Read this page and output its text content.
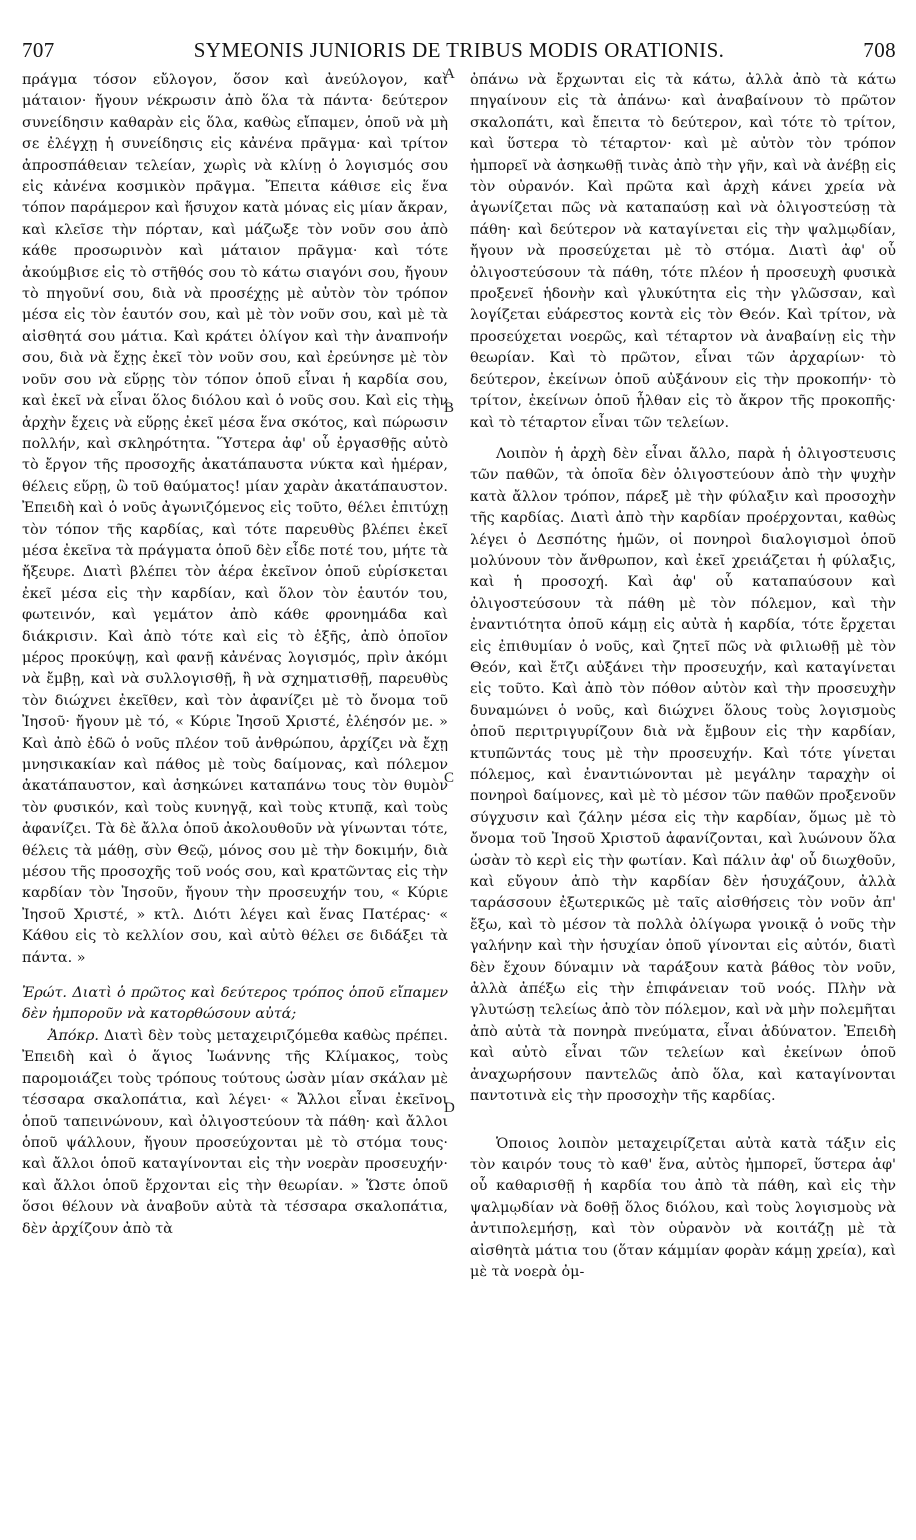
707	SYMEONIS JUNIORIS DE TRIBUS MODIS ORATIONIS.	708
A
B
C
D

πράγμα τόσον εὔλογον, ὅσον καὶ ἀνεύλογον, καὶ μάταιον· ἤγουν νέκρωσιν ἀπὸ ὅλα τὰ πάντα· δεύτερον συνείδησιν καθαρὰν εἰς ὅλα, καθὼς εἴπαμεν, ὁποῦ νὰ μὴ σε ἐλέγχῃ ἡ συνείδησις εἰς κἀνένα πρᾶγμα· καὶ τρίτον ἀπροσπάθειαν τελείαν, χωρὶς νὰ κλίνῃ ὁ λογισμός σου εἰς κἀνένα κοσμικὸν πρᾶγμα. Ἔπειτα κάθισε εἰς ἕνα τόπον παράμερον καὶ ἥσυχον κατὰ μόνας εἰς μίαν ἄκραν, καὶ κλεῖσε τὴν πόρταν, καὶ μάζωξε τὸν νοῦν σου ἀπὸ κάθε προσωρινὸν καὶ μάταιον πρᾶγμα· καὶ τότε ἀκούμβισε εἰς τὸ στῆθός σου τὸ κάτω σιαγόνι σου, ἤγουν τὸ πηγοῦνί σου, διὰ νὰ προσέχῃς μὲ αὐτὸν τὸν τρόπον μέσα εἰς τὸν ἑαυτόν σου, καὶ μὲ τὸν νοῦν σου, καὶ μὲ τὰ αἰσθητά σου μάτια. Καὶ κράτει ὀλίγον καὶ τὴν ἀναπνοήν σου, διὰ νὰ ἔχῃς ἐκεῖ τὸν νοῦν σου, καὶ ἐρεύνησε μὲ τὸν νοῦν σου νὰ εὕρῃς τὸν τόπον ὁποῦ εἶναι ἡ καρδία σου, καὶ ἐκεῖ νὰ εἶναι ὅλος διόλου καὶ ὁ νοῦς σου. Καὶ εἰς τὴν ἀρχὴν ἔχεις νὰ εὕρῃς ἐκεῖ μέσα ἕνα σκότος, καὶ πώρωσιν πολλήν, καὶ σκληρότητα. Ὕστερα ἀφ' οὗ ἐργασθῇς αὐτὸ τὸ ἔργον τῆς προσοχῆς ἀκατάπαυστα νύκτα καὶ ἡμέραν, θέλεις εὕρῃ, ὢ τοῦ θαύματος! μίαν χαρὰν ἀκατάπαυστον. Ἐπειδὴ καὶ ὁ νοῦς ἀγωνιζόμενος εἰς τοῦτο, θέλει ἐπιτύχῃ τὸν τόπον τῆς καρδίας, καὶ τότε παρευθὺς βλέπει ἐκεῖ μέσα ἐκεῖνα τὰ πράγματα ὁποῦ δὲν εἶδε ποτέ του, μήτε τὰ ἤξευρε. Διατὶ βλέπει τὸν ἀέρα ἐκεῖνον ὁποῦ εὑρίσκεται ἐκεῖ μέσα εἰς τὴν καρδίαν, καὶ ὅλον τὸν ἑαυτόν του, φωτεινόν, καὶ γεμάτον ἀπὸ κάθε φρονημάδα καὶ διάκρισιν. Καὶ ἀπὸ τότε καὶ εἰς τὸ ἑξῆς, ἀπὸ ὁποῖον μέρος προκύψῃ, καὶ φανῇ κἀνένας λογισμός, πρὶν ἀκόμι νὰ ἔμβῃ, καὶ νὰ συλλογισθῇ, ἢ νὰ σχηματισθῇ, παρευθὺς τὸν διώχνει ἐκεῖθεν, καὶ τὸν ἀφανίζει μὲ τὸ ὄνομα τοῦ Ἰησοῦ· ἤγουν μὲ τό, « Κύριε Ἰησοῦ Χριστέ, ἐλέησόν με. » Καὶ ἀπὸ ἐδῶ ὁ νοῦς πλέον τοῦ ἀνθρώπου, ἀρχίζει νὰ ἔχῃ μνησικακίαν καὶ πάθος μὲ τοὺς δαίμονας, καὶ πόλεμον ἀκατάπαυστον, καὶ ἀσηκώνει καταπάνω τους τὸν θυμὸν τὸν φυσικόν, καὶ τοὺς κυνηγᾷ, καὶ τοὺς κτυπᾷ, καὶ τοὺς ἀφανίζει. Τὰ δὲ ἄλλα ὁποῦ ἀκολουθοῦν νὰ γίνωνται τότε, θέλεις τὰ μάθῃ, σὺν Θεῷ, μόνος σου μὲ τὴν δοκιμήν, διὰ μέσου τῆς προσοχῆς τοῦ νοός σου, καὶ κρατῶντας εἰς τὴν καρδίαν τὸν Ἰησοῦν, ἤγουν τὴν προσευχήν του, « Κύριε Ἰησοῦ Χριστέ, » κτλ. Διότι λέγει καὶ ἕνας Πατέρας· « Κάθου εἰς τὸ κελλίον σου, καὶ αὐτὸ θέλει σε διδάξει τὰ πάντα. »

Ἐρώτ. Διατὶ ὁ πρῶτος καὶ δεύτερος τρόπος ὁποῦ εἴπαμεν δὲν ἠμποροῦν νὰ κατορθώσουν αὐτά;

Ἀπόκρ. Διατὶ δὲν τοὺς μεταχειριζόμεθα καθὼς πρέπει. Ἐπειδὴ καὶ ὁ ἅγιος Ἰωάννης τῆς Κλίμακος, τοὺς παρομοιάζει τοὺς τρόπους τούτους ὡσὰν μίαν σκάλαν μὲ τέσσαρα σκαλοπάτια, καὶ λέγει· « Ἄλλοι εἶναι ἐκεῖνοι ὁποῦ ταπεινώνουν, καὶ ὀλιγοστεύουν τὰ πάθη· καὶ ἄλλοι ὁποῦ ψάλλουν, ἤγουν προσεύχονται μὲ τὸ στόμα τους· καὶ ἄλλοι ὁποῦ καταγίνονται εἰς τὴν νοερὰν προσευχήν· καὶ ἄλλοι ὁποῦ ἔρχονται εἰς τὴν θεωρίαν. » Ὥστε ὁποῦ ὅσοι θέλουν νὰ ἀναβοῦν αὐτὰ τὰ τέσσαρα σκαλοπάτια, δὲν ἀρχίζουν ἀπὸ τὰ

ὀπάνω νὰ ἔρχωνται εἰς τὰ κάτω, ἀλλὰ ἀπὸ τὰ κάτω πηγαίνουν εἰς τὰ ἀπάνω· καὶ ἀναβαίνουν τὸ πρῶτον σκαλοπάτι, καὶ ἔπειτα τὸ δεύτερον, καὶ τότε τὸ τρίτον, καὶ ὕστερα τὸ τέταρτον· καὶ μὲ αὐτὸν τὸν τρόπον ἠμπορεῖ νὰ ἀσηκωθῇ τινὰς ἀπὸ τὴν γῆν, καὶ νὰ ἀνέβῃ εἰς τὸν οὐρανόν. Καὶ πρῶτα καὶ ἀρχὴ κάνει χρεία νὰ ἀγωνίζεται πῶς νὰ καταπαύσῃ καὶ νὰ ὀλιγοστεύσῃ τὰ πάθη· καὶ δεύτερον νὰ καταγίνεται εἰς τὴν ψαλμῳδίαν, ἤγουν νὰ προσεύχεται μὲ τὸ στόμα. Διατὶ ἀφ' οὗ ὀλιγοστεύσουν τὰ πάθη, τότε πλέον ἡ προσευχὴ φυσικὰ προξενεῖ ἡδονὴν καὶ γλυκύτητα εἰς τὴν γλῶσσαν, καὶ λογίζεται εὐάρεστος κοντὰ εἰς τὸν Θεόν. Καὶ τρίτον, νὰ προσεύχεται νοερῶς, καὶ τέταρτον νὰ ἀναβαίνῃ εἰς τὴν θεωρίαν. Καὶ τὸ πρῶτον, εἶναι τῶν ἀρχαρίων· τὸ δεύτερον, ἐκείνων ὁποῦ αὐξάνουν εἰς τὴν προκοπήν· τὸ τρίτον, ἐκείνων ὁποῦ ἦλθαν εἰς τὸ ἄκρον τῆς προκοπῆς· καὶ τὸ τέταρτον εἶναι τῶν τελείων.

Λοιπὸν ἡ ἀρχὴ δὲν εἶναι ἄλλο, παρὰ ἡ ὀλιγοστευσις τῶν παθῶν, τὰ ὁποῖα δὲν ὀλιγοστεύουν ἀπὸ τὴν ψυχὴν κατὰ ἄλλον τρόπον, πάρεξ μὲ τὴν φύλαξιν καὶ προσοχὴν τῆς καρδίας. Διατὶ ἀπὸ τὴν καρδίαν προέρχονται, καθὼς λέγει ὁ Δεσπότης ἡμῶν, οἱ πονηροὶ διαλογισμοὶ ὁποῦ μολύνουν τὸν ἄνθρωπον, καὶ ἐκεῖ χρειάζεται ἡ φύλαξις, καὶ ἡ προσοχή. Καὶ ἀφ' οὗ καταπαύσουν καὶ ὀλιγοστεύσουν τὰ πάθη μὲ τὸν πόλεμον, καὶ τὴν ἐναντιότητα ὁποῦ κάμῃ εἰς αὐτὰ ἡ καρδία, τότε ἔρχεται εἰς ἐπιθυμίαν ὁ νοῦς, καὶ ζητεῖ πῶς νὰ φιλιωθῇ μὲ τὸν Θεόν, καὶ ἔτζι αὐξάνει τὴν προσευχήν, καὶ καταγίνεται εἰς τοῦτο. Καὶ ἀπὸ τὸν πόθον αὐτὸν καὶ τὴν προσευχὴν δυναμώνει ὁ νοῦς, καὶ διώχνει ὅλους τοὺς λογισμοὺς ὁποῦ περιτριγυρίζουν διὰ νὰ ἔμβουν εἰς τὴν καρδίαν, κτυπῶντάς τους μὲ τὴν προσευχήν. Καὶ τότε γίνεται πόλεμος, καὶ ἐναντιώνονται μὲ μεγάλην ταραχὴν οἱ πονηροὶ δαίμονες, καὶ μὲ τὸ μέσον τῶν παθῶν προξενοῦν σύγχυσιν καὶ ζάλην μέσα εἰς τὴν καρδίαν, ὅμως μὲ τὸ ὄνομα τοῦ Ἰησοῦ Χριστοῦ ἀφανίζονται, καὶ λυώνουν ὅλα ὡσὰν τὸ κερὶ εἰς τὴν φωτίαν. Καὶ πάλιν ἀφ' οὗ διωχθοῦν, καὶ εὔγουν ἀπὸ τὴν καρδίαν δὲν ἡσυχάζουν, ἀλλὰ ταράσσουν ἐξωτερικῶς μὲ ταῖς αἰσθήσεις τὸν νοῦν ἀπ' ἔξω, καὶ τὸ μέσον τὰ πολλὰ ὀλίγωρα γνοικᾷ ὁ νοῦς τὴν γαλήνην καὶ τὴν ἡσυχίαν ὁποῦ γίνονται εἰς αὐτόν, διατὶ δὲν ἔχουν δύναμιν νὰ ταράξουν κατὰ βάθος τὸν νοῦν, ἀλλὰ ἀπέξω εἰς τὴν ἐπιφάνειαν τοῦ νοός. Πλὴν νὰ γλυτώσῃ τελείως ἀπὸ τὸν πόλεμον, καὶ νὰ μὴν πολεμῆται ἀπὸ αὐτὰ τὰ πονηρὰ πνεύματα, εἶναι ἀδύνατον. Ἐπειδὴ καὶ αὐτὸ εἶναι τῶν τελείων καὶ ἐκείνων ὁποῦ ἀναχωρήσουν παντελῶς ἀπὸ ὅλα, καὶ καταγίνονται παντοτινὰ εἰς τὴν προσοχὴν τῆς καρδίας.

Ὁποιος λοιπὸν μεταχειρίζεται αὐτὰ κατὰ τάξιν εἰς τὸν καιρόν τους τὸ καθ' ἕνα, αὐτὸς ἠμπορεῖ, ὕστερα ἀφ' οὗ καθαρισθῇ ἡ καρδία του ἀπὸ τὰ πάθη, καὶ εἰς τὴν ψαλμῳδίαν νὰ δοθῇ ὅλος διόλου, καὶ τοὺς λογισμοὺς νὰ ἀντιπολεμήσῃ, καὶ τὸν οὐρανὸν νὰ κοιτάζῃ μὲ τὰ αἰσθητὰ μάτια του (ὅταν κάμμίαν φορὰν κάμῃ χρεία), καὶ μὲ τὰ νοερὰ ὀμ-
